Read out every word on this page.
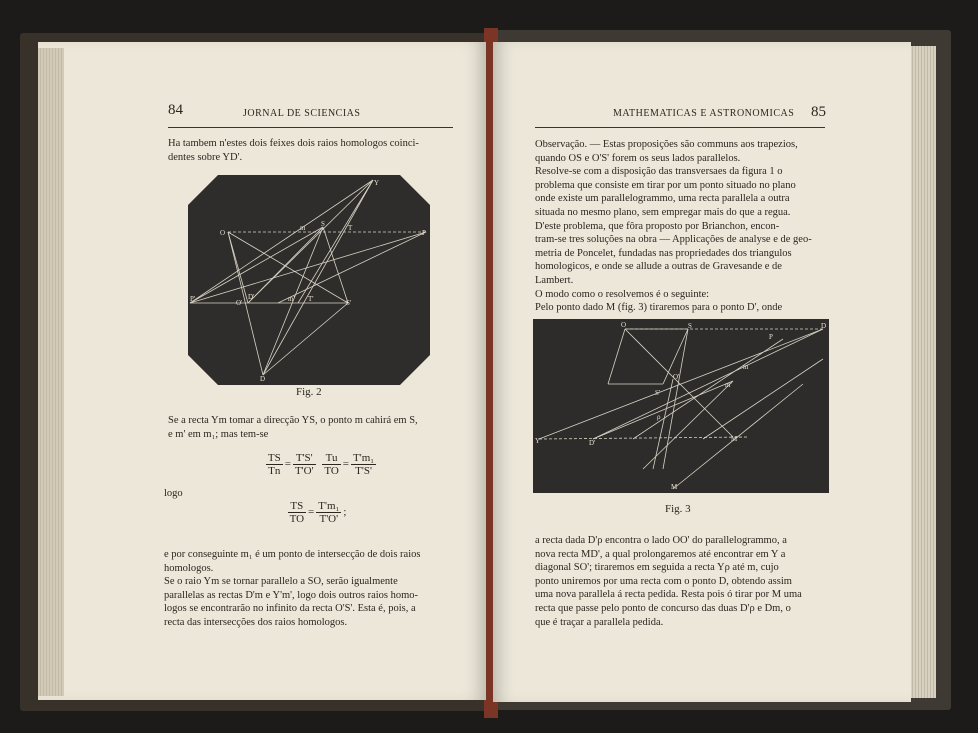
84	JORNAL DE SCIENCIAS
Ha tambem n'estes dois feixes dois raios homologos coinci-
dentes sobre YD'.
Y
O
m S	T
P
P'	O'	m' T'	S'
D
D'
Fig. 2
Se a recta Ym tomar a direcção YS, o ponto m cahirá em S,
e m' em m₁; mas tem-se
$\frac{TS}{Tn} = \frac{T'S'}{T'O'}$
$\frac{Tu}{TO} = \frac{\text{T'm₁}}{T'S'}$
logo
$\frac{TS}{TO} = \frac{\text{T'm₁}}{T'O'}$ ;
e por conseguinte m₁ é um ponto de intersecção de dois raios
homologos.
Se o raio Ym se tornar parallelo a SO, serão igualmente
parallelas as rectas D'm e Y'm', logo dois outros raios homo-
logos se encontrarão no infinito da recta O'S'. Esta é, pois, a
recta das intersecções dos raios homologos.
MATHEMATICAS E ASTRONOMICAS 85
Observação. — Estas proposições são communs aos trapezios,
quando OS e O'S' forem os seus lados parallelos.
Resolve-se com a disposição das transversaes da figura 1 o
problema que consiste em tirar por um ponto situado no plano
onde existe um parallelogrammo, uma recta parallela a outra
situada no mesmo plano, sem empregar mais do que a regua.
D'este problema, que fôra proposto por Brianchon, encon-
tram-se tres soluções na obra — Applicações de analyse e de geo-
metria de Poncelet, fundadas nas propriedades dos triangulos
homologicos, e onde se allude a outras de Gravesande e de
Lambert.
O modo como o resolvemos é o seguinte:
Pelo ponto dado M (fig. 3) tiraremos para o ponto D', onde
O	S	D
P
m
m'
O'
S'
Y	D'
M
M'
ρ
Fig. 3
a recta dada D'ρ encontra o lado OO' do parallelogrammo, a
nova recta MD', a qual prolongaremos até encontrar em Y a
diagonal SO'; tiraremos em seguida a recta Yρ até m, cujo
ponto uniremos por uma recta com o ponto D, obtendo assim
uma nova parallela á recta pedida. Resta pois ó tirar por M uma
recta que passe pelo ponto de concurso das duas D'ρ e Dm, o
que é traçar a parallela pedida.
